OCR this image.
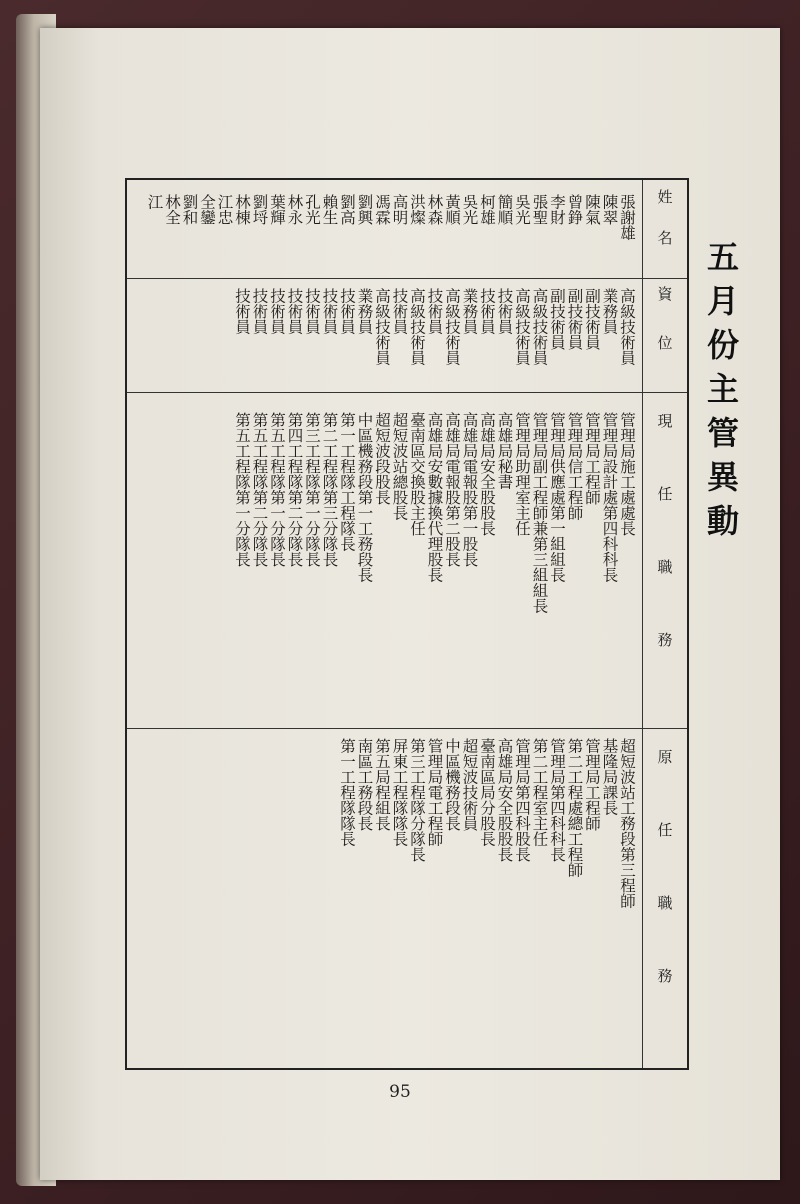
五月份主管異動
姓名
資位
現任職務
原任職務
張謝雄
陳翠
陳氣
曾錚
李財
張聖
吳光
簡順
柯雄
吳光
黃順
林森
洪燦
高明
馮霖
劉興
劉高
賴生
孔光
林永
葉輝
劉埒
林棟
江忠
全鑾
劉和
林全
江
高級技術員
業務員
副技術員
副技術員
副技術員
高級技術員
高級技術員
技術員
技術員
業務員
高級技術員
技術員
高級技術員
技術員
高級技術員
業務員
技術員
技術員
技術員
技術員
技術員
技術員
技術員
管理局施工處處長
管理局設計處第四科科長
管理局工程師
管理局信工程師
管理局供應處第一組組長
管理局副工程師兼第三組組長
管理局助理室主任
高雄局秘書
高雄局安全股股長
高雄局電報股第一股長
高雄局電報股第二股長
高雄局安數據換代理股長
臺南區交換股主任
超短波站總股長
超短波段股長
中區機務段第一工務段長
第一工程隊工程隊長
第二工程隊第三分隊長
第三工程隊第一分隊長
第四工程隊第二分隊長
第五工程隊第一分隊長
第五工程隊第二分隊長
第五工程隊第一分隊長
超短波站工務段第三程師
基隆局課長
管理局工程師
第二工程處總工程師
管理局第四科科長
第二工程室主任
管理局第四科股長
高雄局安全股股長
臺南區局分股長
超短波技術員
中區機務段長
管理局電工程師
第三工程隊分隊長
屏東工程隊隊長
第五局程組長
南區工務段長
第一工程隊隊長
95
